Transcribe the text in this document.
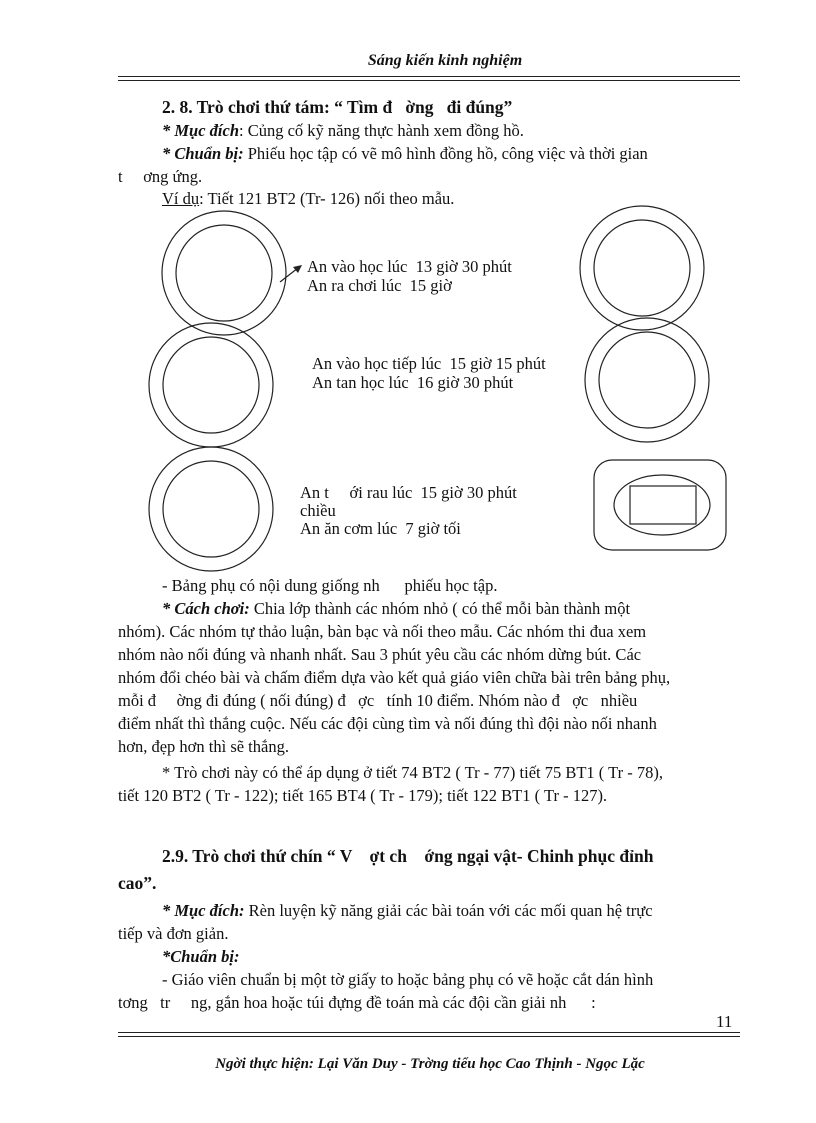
Sáng kiến kinh nghiệm
2. 8. Trò chơi thứ tám: “ Tìm đ   ờng   đi đúng”
* Mục đích: Củng cố kỹ năng thực hành xem đồng hồ.
* Chuẩn bị: Phiếu học tập có vẽ mô hình đồng hồ, công việc và thời gian
t     ơng ứng.
Ví dụ: Tiết 121 BT2 (Tr- 126) nối theo mẫu.
An vào học lúc  13 giờ 30 phút
An ra chơi lúc  15 giờ
An vào học tiếp lúc  15 giờ 15 phút
An tan học lúc  16 giờ 30 phút
An t     ới rau lúc  15 giờ 30 phút
chiều
An ăn cơm lúc  7 giờ tối
- Bảng phụ có nội dung giống nh      phiếu học tập.
* Cách chơi: Chia lớp thành các nhóm nhỏ ( có thể mỗi bàn thành một
nhóm). Các nhóm tự thảo luận, bàn bạc và nối theo mẫu. Các nhóm thi đua xem
nhóm nào nối đúng và nhanh nhất. Sau 3 phút yêu cầu các nhóm dừng bút. Các
nhóm đổi chéo bài và chấm điểm dựa vào kết quả giáo viên chữa bài trên bảng phụ,
mỗi đ     ờng đi đúng ( nối đúng) đ   ợc   tính 10 điểm. Nhóm nào đ   ợc   nhiều
điểm nhất thì thắng cuộc. Nếu các đội cùng tìm và nối đúng thì đội nào nối nhanh
hơn, đẹp hơn thì sẽ thắng.
* Trò chơi này có thể áp dụng ở tiết 74 BT2 ( Tr - 77) tiết 75 BT1 ( Tr - 78),
tiết 120 BT2 ( Tr - 122); tiết 165 BT4 ( Tr - 179); tiết 122 BT1 ( Tr - 127).
2.9. Trò chơi thứ chín “ V    ợt ch    ớng ngại vật- Chinh phục đỉnh
cao”.
* Mục đích: Rèn luyện kỹ năng giải các bài toán với các mối quan hệ trực
tiếp và đơn giản.
*Chuẩn bị:
- Giáo viên chuẩn bị một tờ giấy to hoặc bảng phụ có vẽ hoặc cắt dán hình
tơng   tr     ng, gắn hoa hoặc túi đựng đề toán mà các đội cần giải nh      :
11
Ngời thực hiện: Lại Văn Duy - Trờng tiểu học Cao Thịnh - Ngọc Lặc
